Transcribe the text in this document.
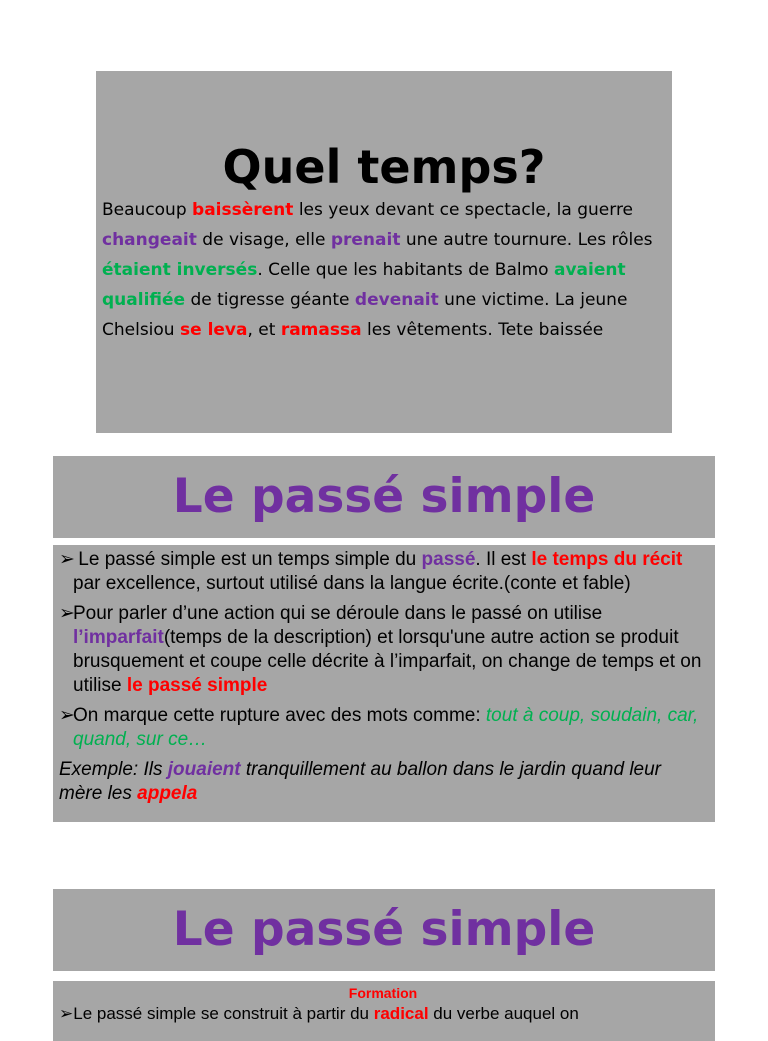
Quel temps?

Beaucoup baissèrent les yeux devant ce spectacle, la guerre

changeait de visage, elle prenait une autre tournure. Les rôles

étaient inversés. Celle que les habitants de Balmo avaient

qualifiée de tigresse géante devenait une victime. La jeune

Chelsiou se leva, et ramassa les vêtements. Tete baissée

Le passé simple

➢ Le passé simple est un temps simple du passé. Il est le temps du récit par excellence, surtout utilisé dans la langue écrite.(conte et fable)

➢Pour parler d’une action qui se déroule dans le passé on utilise l’imparfait(temps de la description) et lorsqu'une autre action se produit brusquement et coupe celle décrite à l’imparfait, on change de temps et on utilise le passé simple

➢On marque cette rupture avec des mots comme: tout à coup, soudain, car, quand, sur ce…

Exemple: Ils jouaient tranquillement au ballon dans le jardin quand leur mère les appela

Le passé simple

Formation

➢Le passé simple se construit à partir du radical du verbe auquel on
